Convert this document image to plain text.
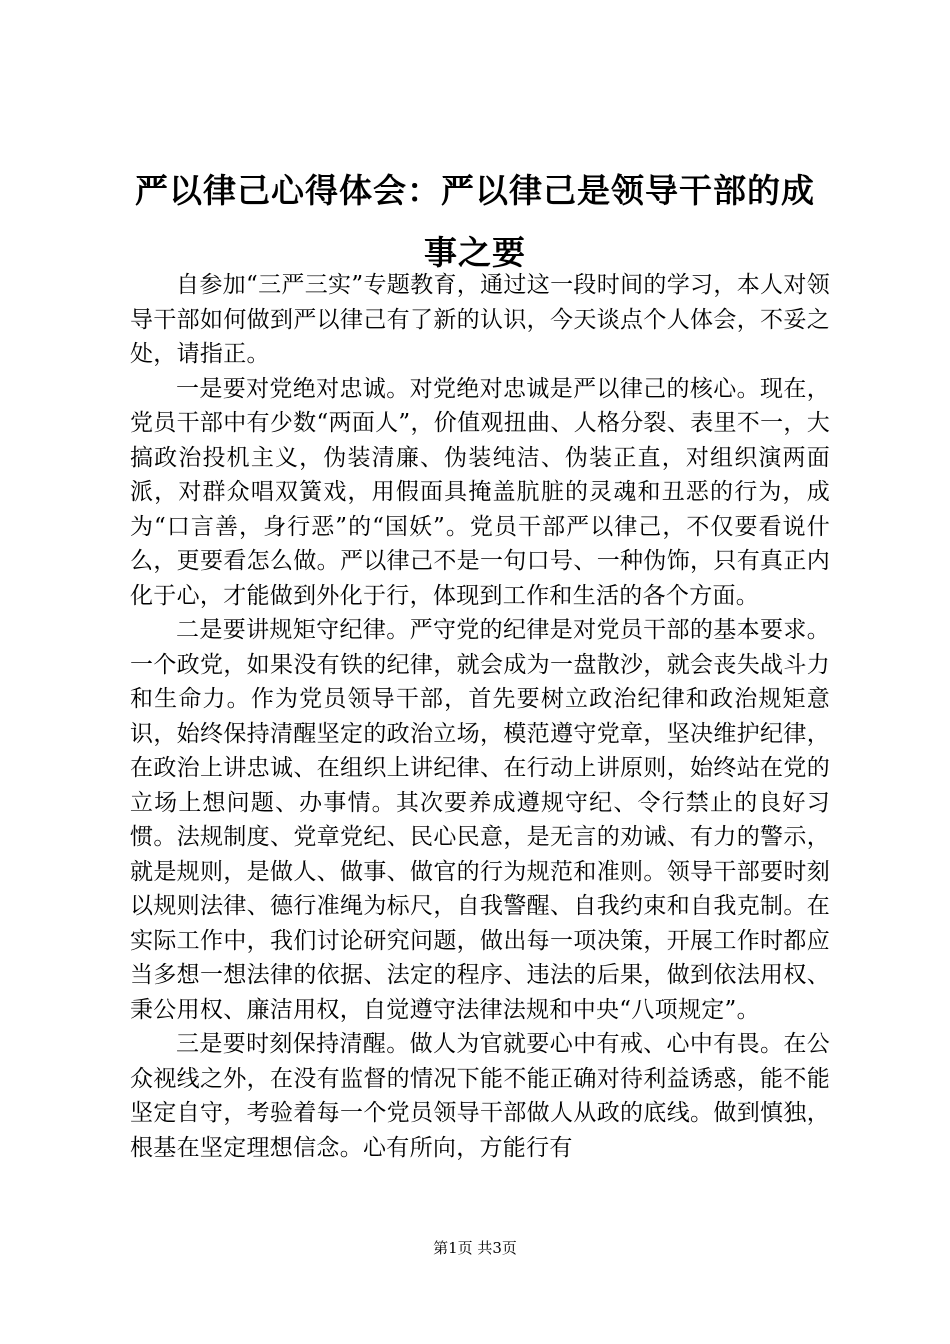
严以律己心得体会：严以律己是领导干部的成事之要

自参加“三严三实”专题教育，通过这一段时间的学习，本人对领导干部如何做到严以律己有了新的认识，今天谈点个人体会，不妥之处，请指正。

一是要对党绝对忠诚。对党绝对忠诚是严以律己的核心。现在，党员干部中有少数“两面人”，价值观扭曲、人格分裂、表里不一，大搞政治投机主义，伪装清廉、伪装纯洁、伪装正直，对组织演两面派，对群众唱双簧戏，用假面具掩盖肮脏的灵魂和丑恶的行为，成为“口言善，身行恶”的“国妖”。党员干部严以律己，不仅要看说什么，更要看怎么做。严以律己不是一句口号、一种伪饰，只有真正内化于心，才能做到外化于行，体现到工作和生活的各个方面。

二是要讲规矩守纪律。严守党的纪律是对党员干部的基本要求。一个政党，如果没有铁的纪律，就会成为一盘散沙，就会丧失战斗力和生命力。作为党员领导干部，首先要树立政治纪律和政治规矩意识，始终保持清醒坚定的政治立场，模范遵守党章，坚决维护纪律，在政治上讲忠诚、在组织上讲纪律、在行动上讲原则，始终站在党的立场上想问题、办事情。其次要养成遵规守纪、令行禁止的良好习惯。法规制度、党章党纪、民心民意，是无言的劝诫、有力的警示，就是规则，是做人、做事、做官的行为规范和准则。领导干部要时刻以规则法律、德行准绳为标尺，自我警醒、自我约束和自我克制。在实际工作中，我们讨论研究问题，做出每一项决策，开展工作时都应当多想一想法律的依据、法定的程序、违法的后果，做到依法用权、秉公用权、廉洁用权，自觉遵守法律法规和中央“八项规定”。

三是要时刻保持清醒。做人为官就要心中有戒、心中有畏。在公众视线之外，在没有监督的情况下能不能正确对待利益诱惑，能不能坚定自守，考验着每一个党员领导干部做人从政的底线。做到慎独，根基在坚定理想信念。心有所向，方能行有

第1页 共3页
